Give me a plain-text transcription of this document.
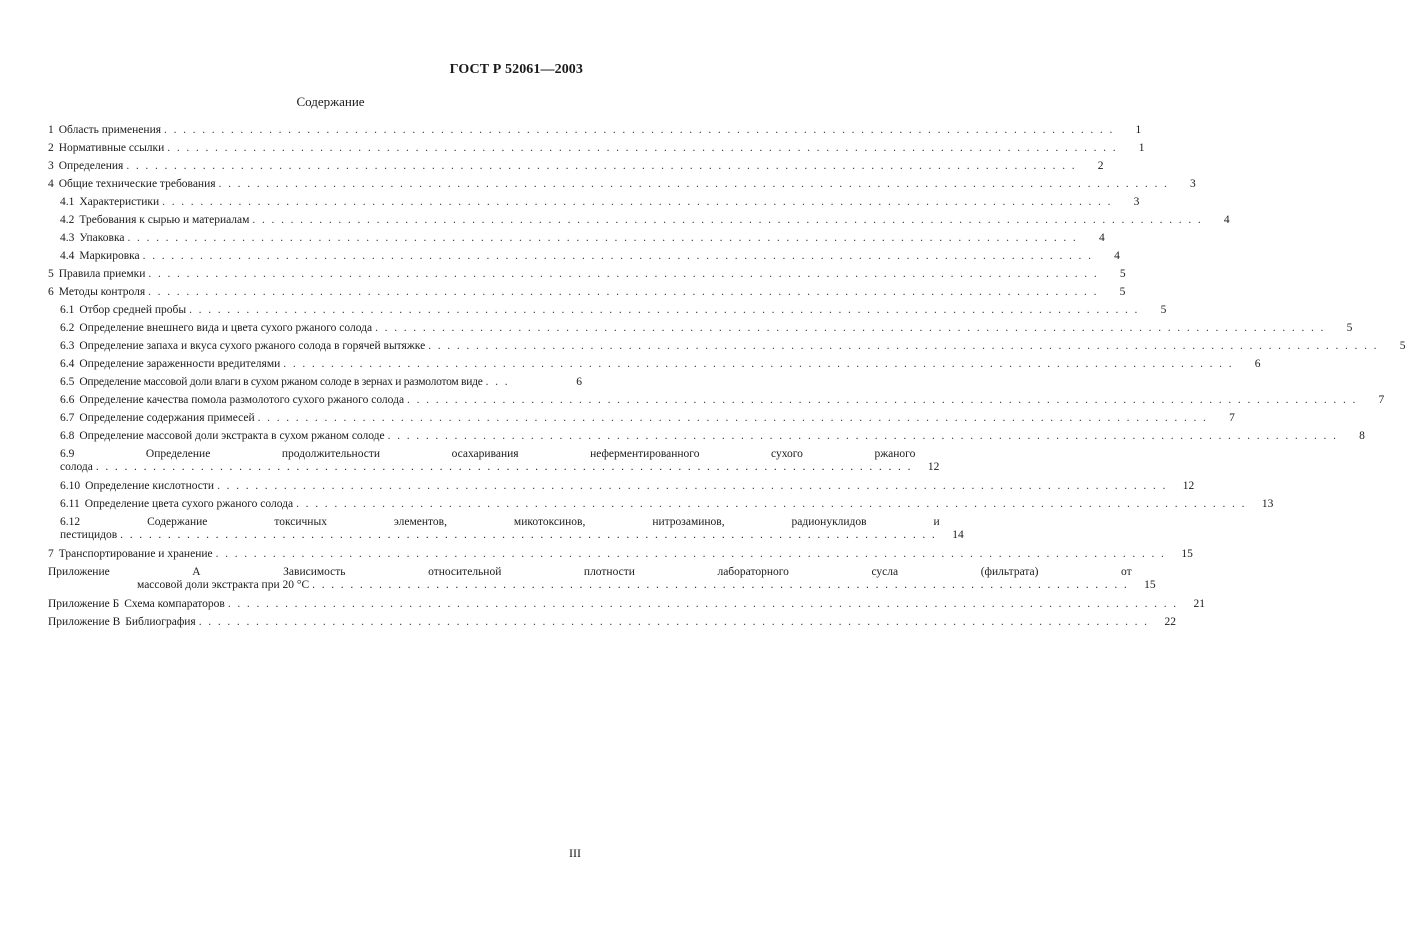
ГОСТ Р 52061—2003
Содержание
1 Область применения . . . . . . . . . . . . . . . . . . . . . . . . . . . . . . . . . . . . . . . . . . . . . . . . . . . . . . . . . . . . . . . . . . . . . . . . . . . . . . . . . . . . . . . . . . . . . . . . . . . .	1
2 Нормативные ссылки . . . . . . . . . . . . . . . . . . . . . . . . . . . . . . . . . . . . . . . . . . . . . . . . . . . . . . . . . . . . . . . . . . . . . . . . . . . . . . . . . . . . . . . . . . . . . . . . . . . .	1
3 Определения . . . . . . . . . . . . . . . . . . . . . . . . . . . . . . . . . . . . . . . . . . . . . . . . . . . . . . . . . . . . . . . . . . . . . . . . . . . . . . . . . . . . . . . . . . . . . . . . . . . .	2
4 Общие технические требования . . . . . . . . . . . . . . . . . . . . . . . . . . . . . . . . . . . . . . . . . . . . . . . . . . . . . . . . . . . . . . . . . . . . . . . . . . . . . . . . . . . . . . . . . . . . . . . . . . . .	3
4.1 Характеристики . . . . . . . . . . . . . . . . . . . . . . . . . . . . . . . . . . . . . . . . . . . . . . . . . . . . . . . . . . . . . . . . . . . . . . . . . . . . . . . . . . . . . . . . . . . . . . . . . . . .	3
4.2 Требования к сырью и материалам . . . . . . . . . . . . . . . . . . . . . . . . . . . . . . . . . . . . . . . . . . . . . . . . . . . . . . . . . . . . . . . . . . . . . . . . . . . . . . . . . . . . . . . . . . . . . . . . . . . .	4
4.3 Упаковка . . . . . . . . . . . . . . . . . . . . . . . . . . . . . . . . . . . . . . . . . . . . . . . . . . . . . . . . . . . . . . . . . . . . . . . . . . . . . . . . . . . . . . . . . . . . . . . . . . . .	4
4.4 Маркировка . . . . . . . . . . . . . . . . . . . . . . . . . . . . . . . . . . . . . . . . . . . . . . . . . . . . . . . . . . . . . . . . . . . . . . . . . . . . . . . . . . . . . . . . . . . . . . . . . . . .	4
5 Правила приемки . . . . . . . . . . . . . . . . . . . . . . . . . . . . . . . . . . . . . . . . . . . . . . . . . . . . . . . . . . . . . . . . . . . . . . . . . . . . . . . . . . . . . . . . . . . . . . . . . . . .	5
6 Методы контроля . . . . . . . . . . . . . . . . . . . . . . . . . . . . . . . . . . . . . . . . . . . . . . . . . . . . . . . . . . . . . . . . . . . . . . . . . . . . . . . . . . . . . . . . . . . . . . . . . . . .	5
6.1 Отбор средней пробы . . . . . . . . . . . . . . . . . . . . . . . . . . . . . . . . . . . . . . . . . . . . . . . . . . . . . . . . . . . . . . . . . . . . . . . . . . . . . . . . . . . . . . . . . . . . . . . . . . . .	5
6.2 Определение внешнего вида и цвета сухого ржаного солода . . . . . . . . . . . . . . . . . . . . . . . . . . . . . . . . . . . . . . . . . . . . . . . . . . . . . . . . . . . . . . . . . . . . . . . . . . . . . . . . . . . . . . . . . . . . . . . . . . . .	5
6.3 Определение запаха и вкуса сухого ржаного солода в горячей вытяжке . . . . . . . . . . . . . . . . . . . . . . . . . . . . . . . . . . . . . . . . . . . . . . . . . . . . . . . . . . . . . . . . . . . . . . . . . . . . . . . . . . . . . . . . . . . . . . . . . . . .	5
6.4 Определение зараженности вредителями . . . . . . . . . . . . . . . . . . . . . . . . . . . . . . . . . . . . . . . . . . . . . . . . . . . . . . . . . . . . . . . . . . . . . . . . . . . . . . . . . . . . . . . . . . . . . . . . . . . .	6
6.5 Определение массовой доли влаги в сухом ржаном солоде в зернах и размолотом виде . . .	6
6.6 Определение качества помола размолотого сухого ржаного солода . . . . . . . . . . . . . . . . . . . . . . . . . . . . . . . . . . . . . . . . . . . . . . . . . . . . . . . . . . . . . . . . . . . . . . . . . . . . . . . . . . . . . . . . . . . . . . . . . . . .	7
6.7 Определение содержания примесей . . . . . . . . . . . . . . . . . . . . . . . . . . . . . . . . . . . . . . . . . . . . . . . . . . . . . . . . . . . . . . . . . . . . . . . . . . . . . . . . . . . . . . . . . . . . . . . . . . . .	7
6.8 Определение массовой доли экстракта в сухом ржаном солоде . . . . . . . . . . . . . . . . . . . . . . . . . . . . . . . . . . . . . . . . . . . . . . . . . . . . . . . . . . . . . . . . . . . . . . . . . . . . . . . . . . . . . . . . . . . . . . . . . . . .	8
6.9	Определение продолжительности осахаривания неферментированного сухого ржаного
солода . . . . . . . . . . . . . . . . . . . . . . . . . . . . . . . . . . . . . . . . . . . . . . . . . . . . . . . . . . . . . . . . . . . . . . . . . . . . . . . . . . . . . .	12
6.10 Определение кислотности . . . . . . . . . . . . . . . . . . . . . . . . . . . . . . . . . . . . . . . . . . . . . . . . . . . . . . . . . . . . . . . . . . . . . . . . . . . . . . . . . . . . . . . . . . . . . . . . . . . .	12
6.11 Определение цвета сухого ржаного солода . . . . . . . . . . . . . . . . . . . . . . . . . . . . . . . . . . . . . . . . . . . . . . . . . . . . . . . . . . . . . . . . . . . . . . . . . . . . . . . . . . . . . . . . . . . . . . . . . . . .	13
6.12	Содержание токсичных элементов, микотоксинов, нитрозаминов, радионуклидов и
пестицидов . . . . . . . . . . . . . . . . . . . . . . . . . . . . . . . . . . . . . . . . . . . . . . . . . . . . . . . . . . . . . . . . . . . . . . . . . . . . . . . . . . . . . .	14
7 Транспортирование и хранение . . . . . . . . . . . . . . . . . . . . . . . . . . . . . . . . . . . . . . . . . . . . . . . . . . . . . . . . . . . . . . . . . . . . . . . . . . . . . . . . . . . . . . . . . . . . . . . . . . . .	15
Приложение А	Зависимость относительной плотности лабораторного сусла (фильтрата) от
массовой доли экстракта при 20 °С . . . . . . . . . . . . . . . . . . . . . . . . . . . . . . . . . . . . . . . . . . . . . . . . . . . . . . . . . . . . . . . . . . . . . . . . . . . . . . . . . . . . . .	15
Приложение Б Схема компараторов . . . . . . . . . . . . . . . . . . . . . . . . . . . . . . . . . . . . . . . . . . . . . . . . . . . . . . . . . . . . . . . . . . . . . . . . . . . . . . . . . . . . . . . . . . . . . . . . . . . .	21
Приложение В Библиография . . . . . . . . . . . . . . . . . . . . . . . . . . . . . . . . . . . . . . . . . . . . . . . . . . . . . . . . . . . . . . . . . . . . . . . . . . . . . . . . . . . . . . . . . . . . . . . . . . . .	22
III
